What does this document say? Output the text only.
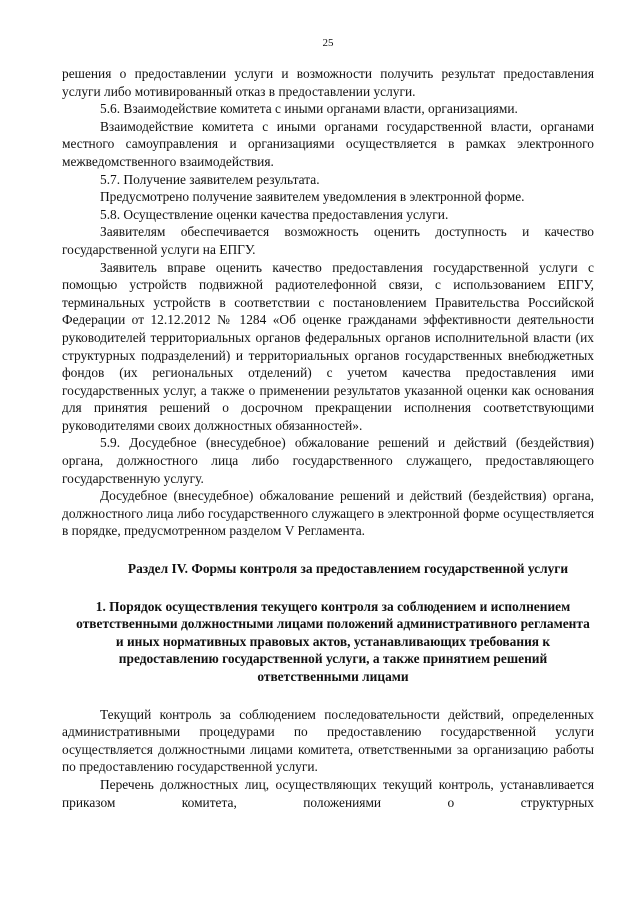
25

решения о предоставлении услуги и возможности получить результат предоставления услуги либо мотивированный отказ в предоставлении услуги.

5.6. Взаимодействие комитета с иными органами власти, организациями.

Взаимодействие комитета с иными органами государственной власти, органами местного самоуправления и организациями осуществляется в рамках электронного межведомственного взаимодействия.

5.7. Получение заявителем результата.

Предусмотрено получение заявителем уведомления в электронной форме.

5.8. Осуществление оценки качества предоставления услуги.

Заявителям обеспечивается возможность оценить доступность и качество государственной услуги на ЕПГУ.

Заявитель вправе оценить качество предоставления государственной услуги с помощью устройств подвижной радиотелефонной связи, с использованием ЕПГУ, терминальных устройств в соответствии с постановлением Правительства Российской Федерации от 12.12.2012 № 1284 «Об оценке гражданами эффективности деятельности руководителей территориальных органов федеральных органов исполнительной власти (их структурных подразделений) и территориальных органов государственных внебюджетных фондов (их региональных отделений) с учетом качества предоставления ими государственных услуг, а также о применении результатов указанной оценки как основания для принятия решений о досрочном прекращении исполнения соответствующими руководителями своих должностных обязанностей».

5.9. Досудебное (внесудебное) обжалование решений и действий (бездействия) органа, должностного лица либо государственного служащего, предоставляющего государственную услугу.

Досудебное (внесудебное) обжалование решений и действий (бездействия) органа, должностного лица либо государственного служащего в электронной форме осуществляется в порядке, предусмотренном разделом V Регламента.

Раздел IV. Формы контроля за предоставлением государственной услуги

1. Порядок осуществления текущего контроля за соблюдением и исполнением ответственными должностными лицами положений административного регламента и иных нормативных правовых актов, устанавливающих требования к предоставлению государственной услуги, а также принятием решений ответственными лицами

Текущий контроль за соблюдением последовательности действий, определенных административными процедурами по предоставлению государственной услуги осуществляется должностными лицами комитета, ответственными за организацию работы по предоставлению государственной услуги.

Перечень должностных лиц, осуществляющих текущий контроль, устанавливается приказом комитета, положениями о структурных
